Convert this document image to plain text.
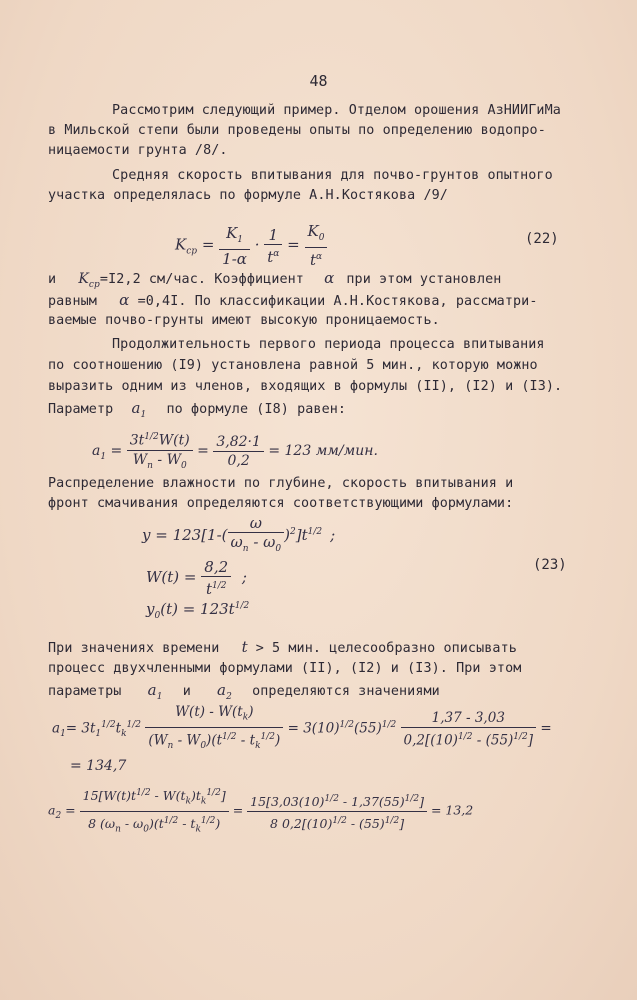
48
Рассмотрим следующий пример. Отделом орошения АзНИИГиМа
в Мильской степи были проведены опыты по определению водопро-
ницаемости грунта /8/.
Средняя скорость впитывания для почво-грунтов опытного
участка определялась по формуле А.Н.Костякова /9/
$K_{cp} = \frac{K_1}{1-\alpha} \cdot \frac{1}{t^\alpha} = \frac{K_0}{t^\alpha}$	(22)
и $K_{cp}=I2,2$ см/час. Коэффициент α при этом установлен
равным α =0,4I. По классификации А.Н.Костякова, рассматри-
ваемые почво-грунты имеют высокую проницаемость.
Продолжительность первого периода процесса впитывания
по соотношению (I9) установлена равной 5 мин., которую можно
выразить одним из членов, входящих в формулы (II), (I2) и (I3).
Параметр $a_1$ по формуле (I8) равен:
$a_1 = \frac{3t^{1/2}W(t)}{W_n - W_0} = \frac{3,82\cdot 1}{0,2} = 123$ мм/мин.
Распределение влажности по глубине, скорость впитывания и
фронт смачивания определяются соответствующими формулами:
$y = 123[1-( \frac{\omega}{\omega_n - \omega_0} )^2]t^{1/2}$ ;
$W(t) = \frac{8,2}{t^{1/2}}$ ;
(23)
$y_0(t) = 123t^{1/2}$
При значениях времени t > 5 мин. целесообразно описывать
процесс двухчленными формулами (II), (I2) и (I3). При этом
параметры $a_1$ и $a_2$ определяются значениями
$a_1= 3t_1^{1/2}t_k^{1/2} \frac{W(t) - W(t_k)}{(W_n - W_0)(t^{1/2} - t_k^{1/2})} = 3(10)^{1/2}(55)^{1/2} \frac{1,37 - 3,03}{0,2[(10)^{1/2} - (55)^{1/2}]}$ =
= 134,7
$a_2 = \frac{15[W(t)t^{1/2} - W(t_k)t_k^{1/2}]}{8 (\omega_n - \omega_0)(t^{1/2} - t_k^{1/2})} = \frac{15[3,03(10)^{1/2} - 1,37(55)^{1/2}]}{8 0,2[(10)^{1/2} - (55)^{1/2}]} = 13,2$
